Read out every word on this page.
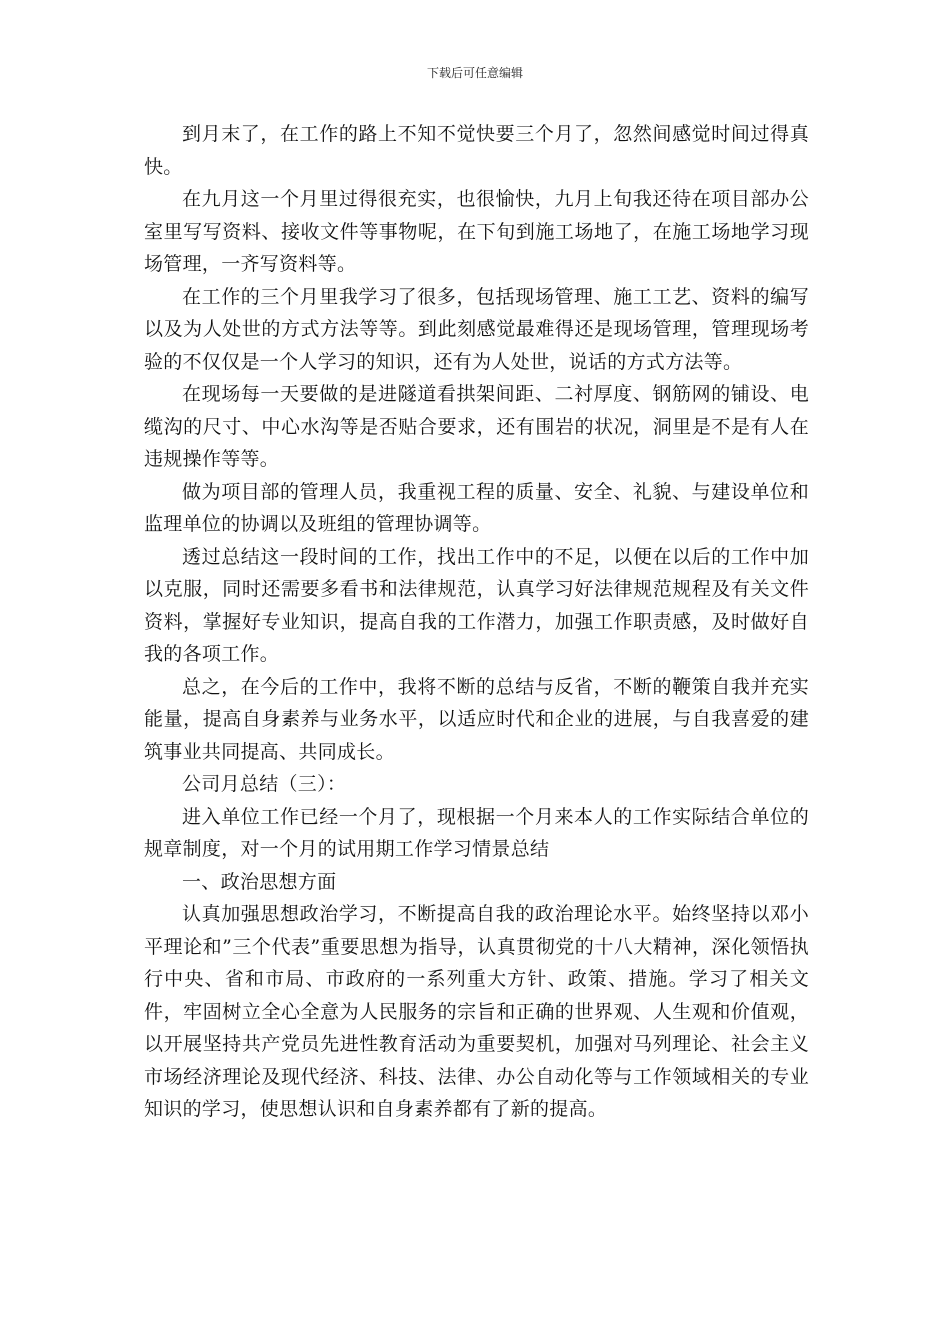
下载后可任意编辑

到月末了，在工作的路上不知不觉快要三个月了，忽然间感觉时间过得真快。

在九月这一个月里过得很充实，也很愉快，九月上旬我还待在项目部办公室里写写资料、接收文件等事物呢，在下旬到施工场地了，在施工场地学习现场管理，一齐写资料等。

在工作的三个月里我学习了很多，包括现场管理、施工工艺、资料的编写以及为人处世的方式方法等等。到此刻感觉最难得还是现场管理，管理现场考验的不仅仅是一个人学习的知识，还有为人处世，说话的方式方法等。

在现场每一天要做的是进隧道看拱架间距、二衬厚度、钢筋网的铺设、电缆沟的尺寸、中心水沟等是否贴合要求，还有围岩的状况，洞里是不是有人在违规操作等等。

做为项目部的管理人员，我重视工程的质量、安全、礼貌、与建设单位和监理单位的协调以及班组的管理协调等。

透过总结这一段时间的工作，找出工作中的不足，以便在以后的工作中加以克服，同时还需要多看书和法律规范，认真学习好法律规范规程及有关文件资料，掌握好专业知识，提高自我的工作潜力，加强工作职责感，及时做好自我的各项工作。

总之，在今后的工作中，我将不断的总结与反省，不断的鞭策自我并充实能量，提高自身素养与业务水平，以适应时代和企业的进展，与自我喜爱的建筑事业共同提高、共同成长。

公司月总结（三）：

进入单位工作已经一个月了，现根据一个月来本人的工作实际结合单位的规章制度，对一个月的试用期工作学习情景总结

一、政治思想方面

认真加强思想政治学习，不断提高自我的政治理论水平。始终坚持以邓小平理论和”三个代表”重要思想为指导，认真贯彻党的十八大精神，深化领悟执行中央、省和市局、市政府的一系列重大方针、政策、措施。学习了相关文件，牢固树立全心全意为人民服务的宗旨和正确的世界观、人生观和价值观，以开展坚持共产党员先进性教育活动为重要契机，加强对马列理论、社会主义市场经济理论及现代经济、科技、法律、办公自动化等与工作领域相关的专业知识的学习，使思想认识和自身素养都有了新的提高。
